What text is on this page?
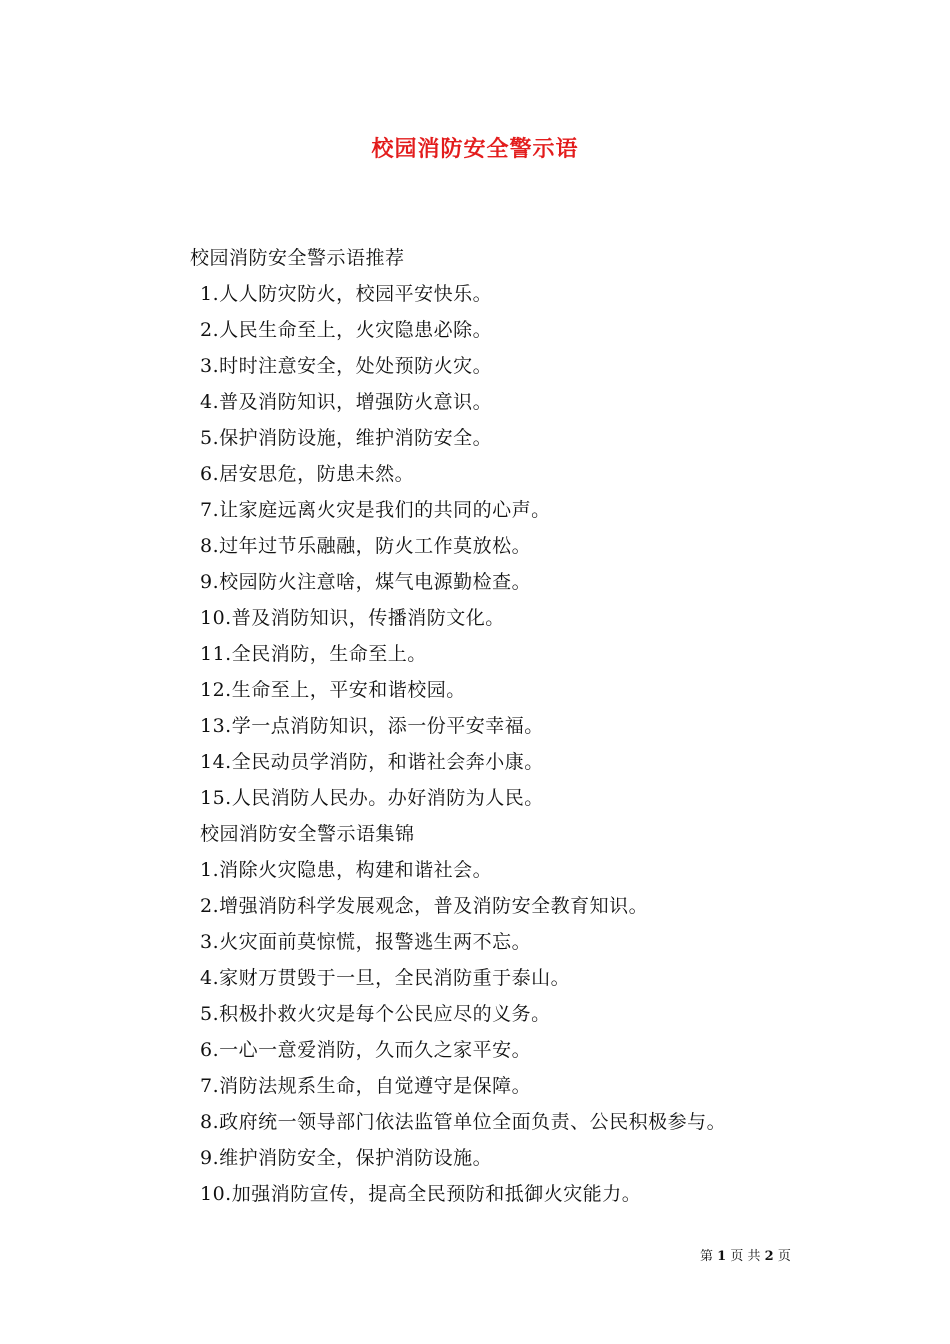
校园消防安全警示语
校园消防安全警示语推荐
1.人人防灾防火，校园平安快乐。
2.人民生命至上，火灾隐患必除。
3.时时注意安全，处处预防火灾。
4.普及消防知识，增强防火意识。
5.保护消防设施，维护消防安全。
6.居安思危，防患未然。
7.让家庭远离火灾是我们的共同的心声。
8.过年过节乐融融，防火工作莫放松。
9.校园防火注意啥，煤气电源勤检查。
10.普及消防知识，传播消防文化。
11.全民消防，生命至上。
12.生命至上，平安和谐校园。
13.学一点消防知识，添一份平安幸福。
14.全民动员学消防，和谐社会奔小康。
15.人民消防人民办。办好消防为人民。
校园消防安全警示语集锦
1.消除火灾隐患，构建和谐社会。
2.增强消防科学发展观念，普及消防安全教育知识。
3.火灾面前莫惊慌，报警逃生两不忘。
4.家财万贯毁于一旦，全民消防重于泰山。
5.积极扑救火灾是每个公民应尽的义务。
6.一心一意爱消防，久而久之家平安。
7.消防法规系生命，自觉遵守是保障。
8.政府统一领导部门依法监管单位全面负责、公民积极参与。
9.维护消防安全，保护消防设施。
10.加强消防宣传，提高全民预防和抵御火灾能力。
第 1 页 共 2 页
